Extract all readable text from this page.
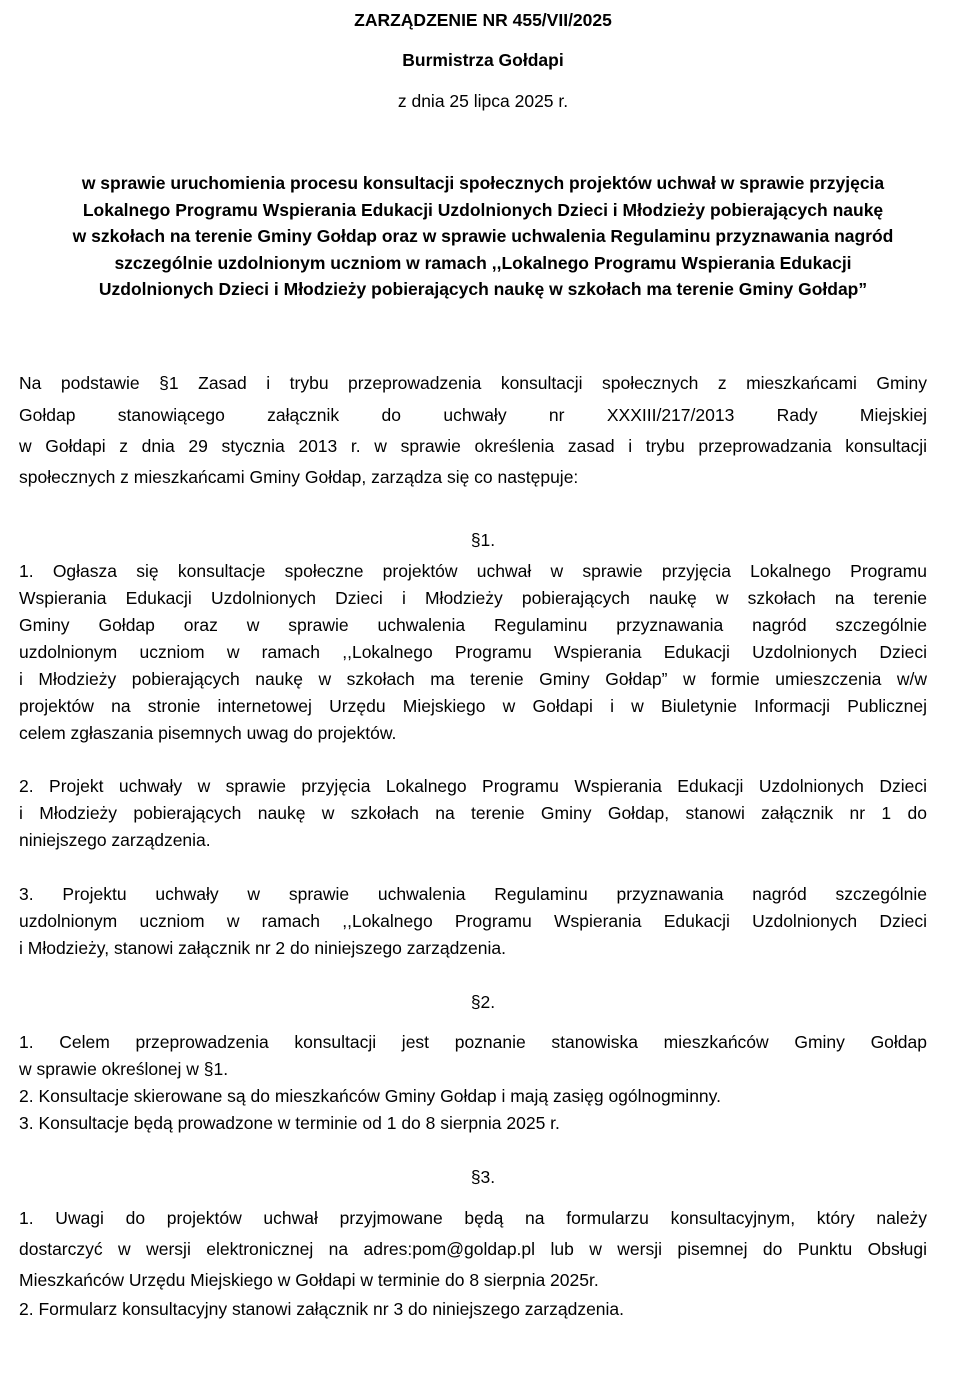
ZARZĄDZENIE NR 455/VII/2025
Burmistrza Gołdapi
z dnia 25 lipca 2025 r.
w sprawie uruchomienia procesu konsultacji społecznych projektów uchwał w sprawie przyjęcia
Lokalnego Programu Wspierania Edukacji Uzdolnionych Dzieci i Młodzieży pobierających naukę
w szkołach na terenie Gminy Gołdap oraz w sprawie uchwalenia Regulaminu przyznawania nagród
szczególnie uzdolnionym uczniom w ramach ,,Lokalnego Programu Wspierania Edukacji
Uzdolnionych Dzieci i Młodzieży pobierających naukę w szkołach ma terenie Gminy Gołdap”
Na podstawie §1 Zasad i trybu przeprowadzenia konsultacji społecznych z mieszkańcami Gminy
Gołdap stanowiącego załącznik do uchwały nr XXXIII/217/2013 Rady Miejskiej
w Gołdapi z dnia 29 stycznia 2013 r. w sprawie określenia zasad i trybu przeprowadzania konsultacji
społecznych z mieszkańcami Gminy Gołdap, zarządza się co następuje:
§1.
1. Ogłasza się konsultacje społeczne projektów uchwał w sprawie przyjęcia Lokalnego Programu
Wspierania Edukacji Uzdolnionych Dzieci i Młodzieży pobierających naukę w szkołach na terenie
Gminy Gołdap oraz w sprawie uchwalenia Regulaminu przyznawania nagród szczególnie
uzdolnionym uczniom w ramach ,,Lokalnego Programu Wspierania Edukacji Uzdolnionych Dzieci
i Młodzieży pobierających naukę w szkołach ma terenie Gminy Gołdap” w formie umieszczenia w/w
projektów na stronie internetowej Urzędu Miejskiego w Gołdapi i w Biuletynie Informacji Publicznej
celem zgłaszania pisemnych uwag do projektów.
2. Projekt uchwały w sprawie przyjęcia Lokalnego Programu Wspierania Edukacji Uzdolnionych Dzieci
i Młodzieży pobierających naukę w szkołach na terenie Gminy Gołdap, stanowi załącznik nr 1 do
niniejszego zarządzenia.
3. Projektu uchwały w sprawie uchwalenia Regulaminu przyznawania nagród szczególnie
uzdolnionym uczniom w ramach ,,Lokalnego Programu Wspierania Edukacji Uzdolnionych Dzieci
i Młodzieży, stanowi załącznik nr 2 do niniejszego zarządzenia.
§2.
1. Celem przeprowadzenia konsultacji jest poznanie stanowiska mieszkańców Gminy Gołdap
w sprawie określonej w §1.
2. Konsultacje skierowane są do mieszkańców Gminy Gołdap i mają zasięg ogólnogminny.
3. Konsultacje będą prowadzone w terminie od 1 do 8 sierpnia 2025 r.
§3.
1. Uwagi do projektów uchwał przyjmowane będą na formularzu konsultacyjnym, który należy
dostarczyć w wersji elektronicznej na adres:pom@goldap.pl lub w wersji pisemnej do Punktu Obsługi
Mieszkańców Urzędu Miejskiego w Gołdapi w terminie do 8 sierpnia 2025r.
2. Formularz konsultacyjny stanowi załącznik nr 3 do niniejszego zarządzenia.
